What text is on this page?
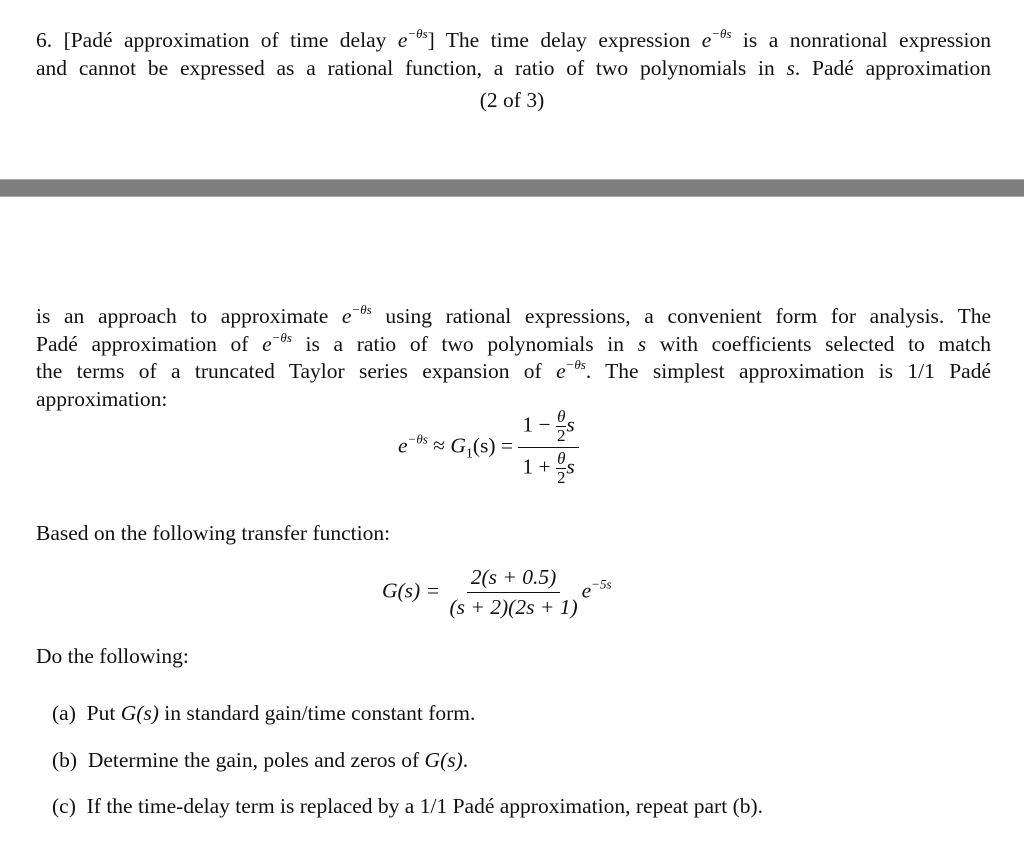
6. [Padé approximation of time delay $e^{-\theta s}$] The time delay expression $e^{-\theta s}$ is a nonrational expression
and cannot be expressed as a rational function, a ratio of two polynomials in s. Padé approximation
(2 of 3)
is an approach to approximate $e^{-\theta s}$ using rational expressions, a convenient form for analysis. The
Padé approximation of $e^{-\theta s}$ is a ratio of two polynomials in s with coefficients selected to match
the terms of a truncated Taylor series expansion of $e^{-\theta s}$. The simplest approximation is 1/1 Padé
approximation:
$e^{-\theta s} \approx G_1(s) = \frac{1 - \frac{\theta}{2} s}{1 + \frac{\theta}{2} s}$
Based on the following transfer function:
$G(s) = \frac{2(s + 0.5)}{(s + 2)(2s + 1)} e^{-5s}$
Do the following:
(a) Put G(s) in standard gain/time constant form.
(b) Determine the gain, poles and zeros of G(s).
(c) If the time-delay term is replaced by a 1/1 Padé approximation, repeat part (b).
